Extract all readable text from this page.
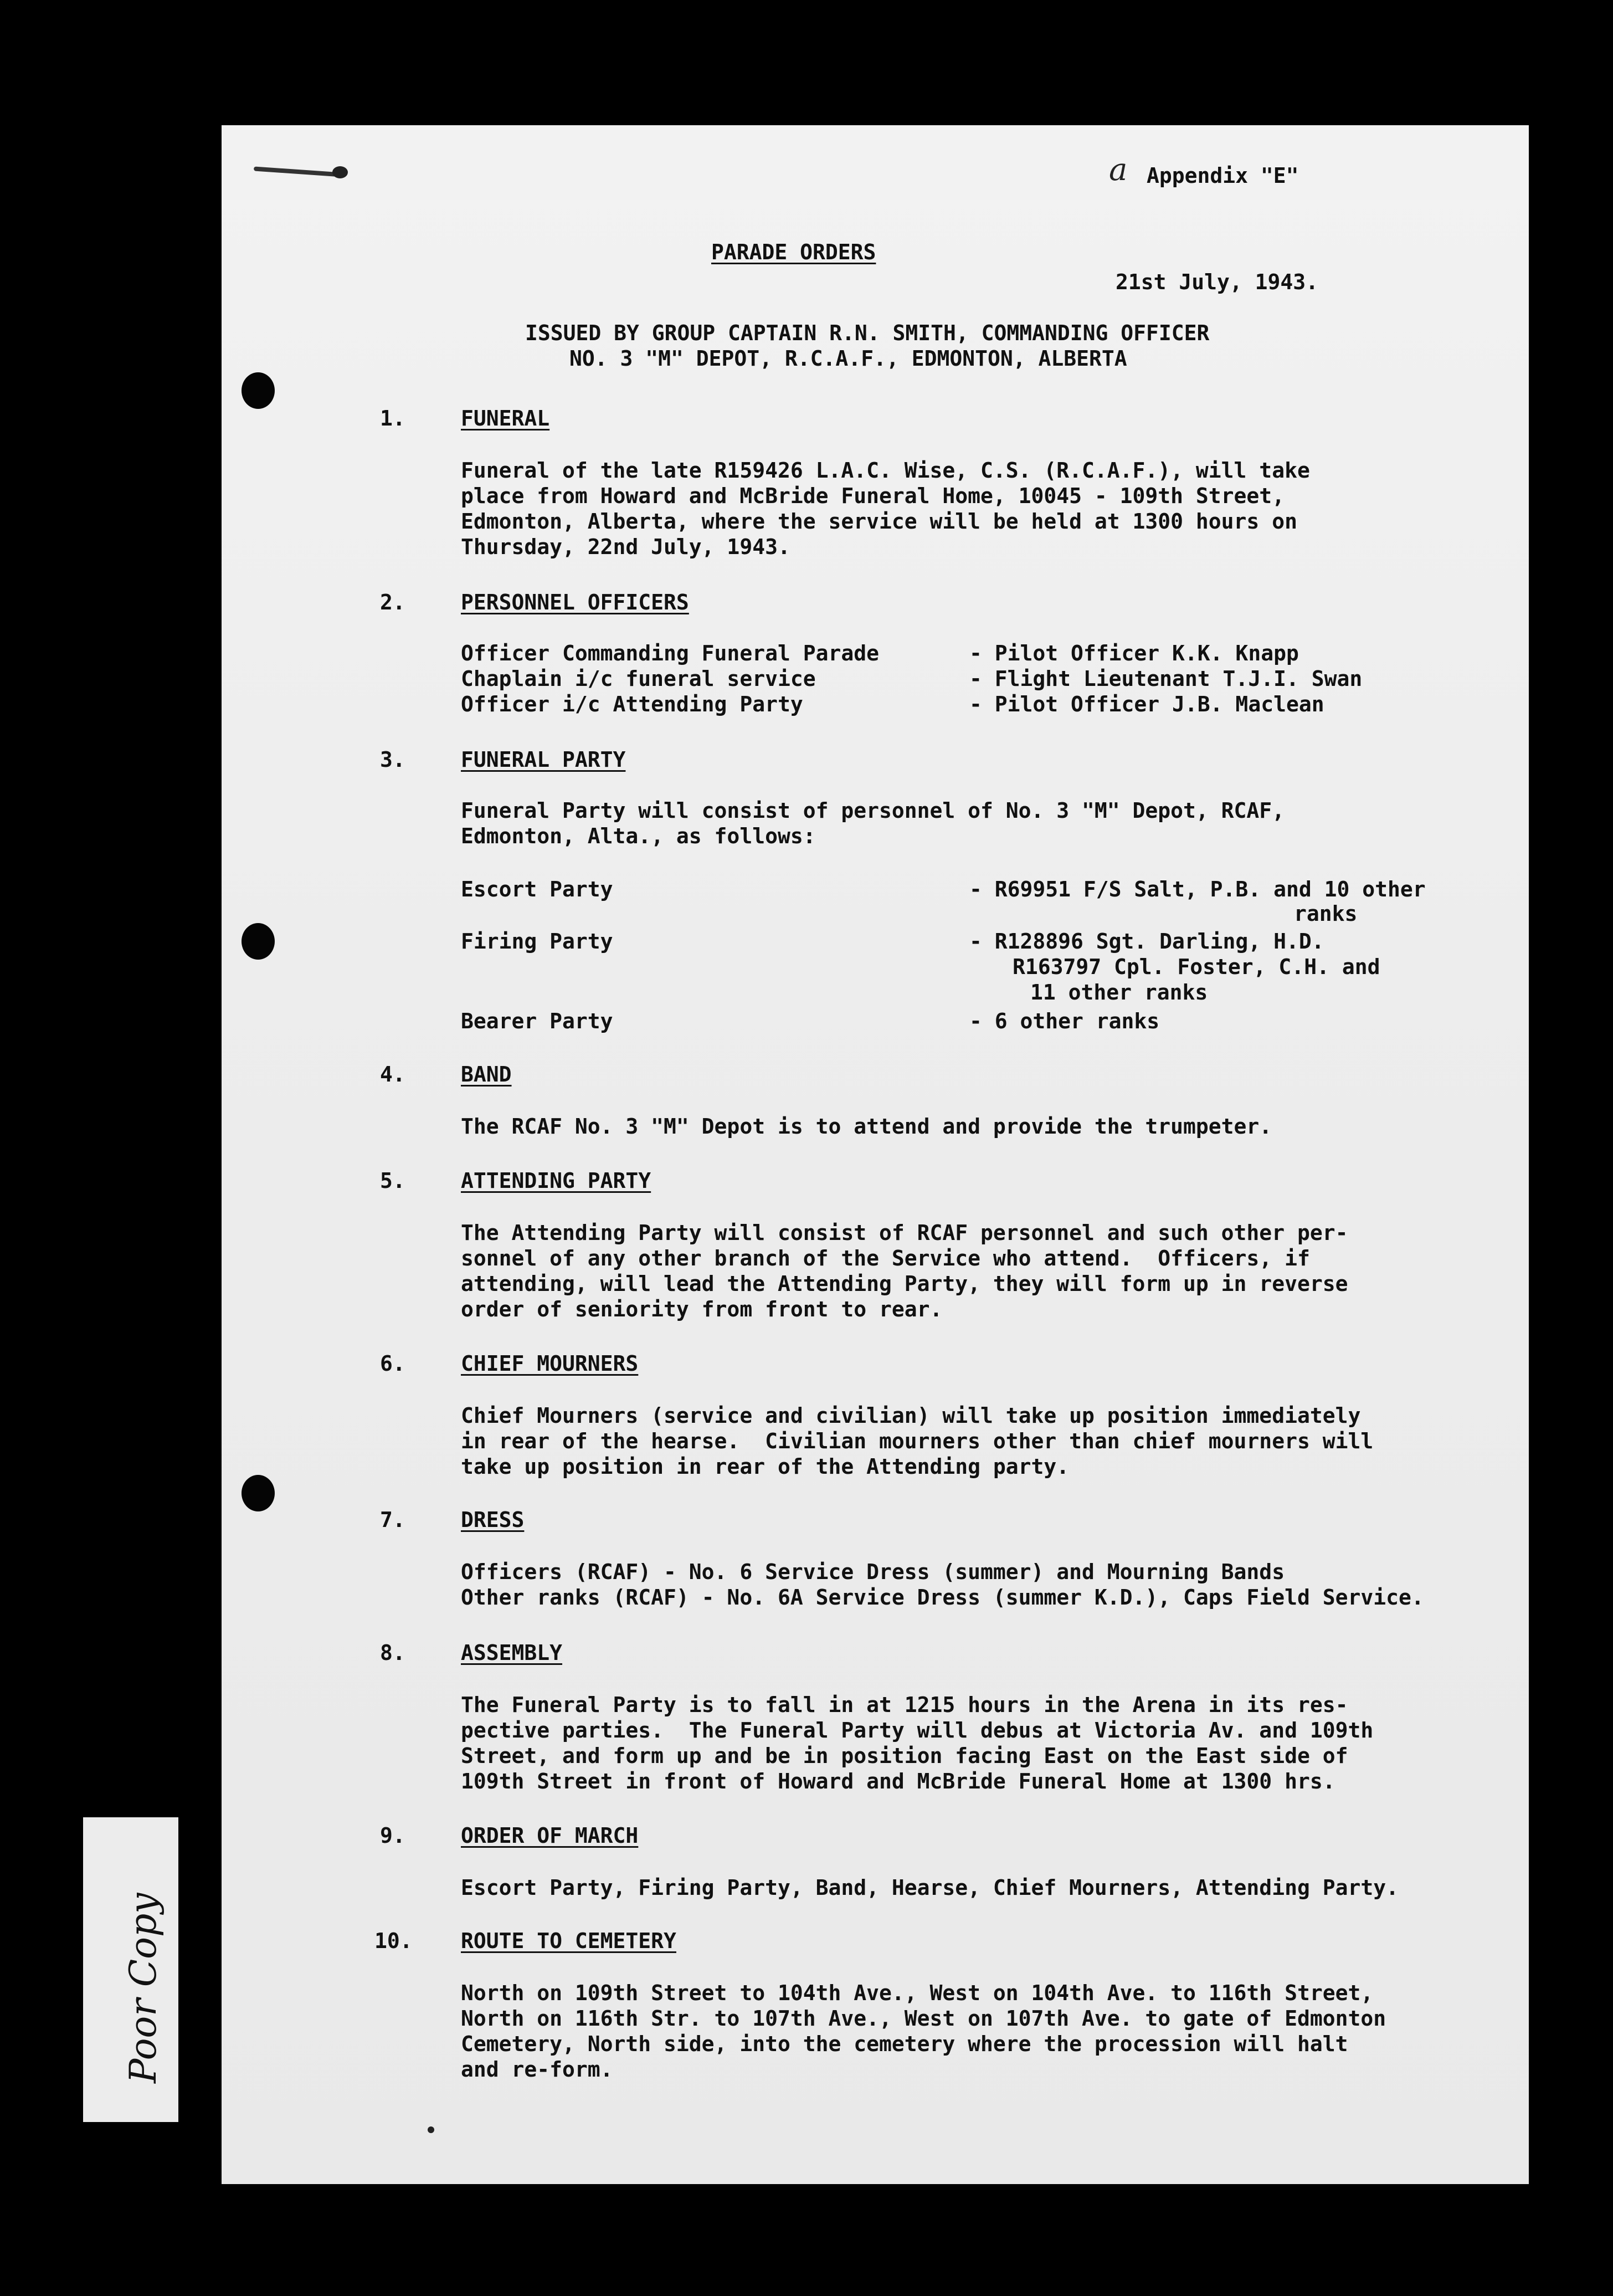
a Appendix "E"
PARADE ORDERS
21st July, 1943.
ISSUED BY GROUP CAPTAIN R.N. SMITH, COMMANDING OFFICER
NO. 3 "M" DEPOT, R.C.A.F., EDMONTON, ALBERTA
1.	FUNERAL
Funeral of the late R159426 L.A.C. Wise, C.S. (R.C.A.F.), will take
place from Howard and McBride Funeral Home, 10045 - 109th Street,
Edmonton, Alberta, where the service will be held at 1300 hours on
Thursday, 22nd July, 1943.
2.	PERSONNEL OFFICERS
Officer Commanding Funeral Parade	- Pilot Officer K.K. Knapp
Chaplain i/c funeral service	- Flight Lieutenant T.J.I. Swan
Officer i/c Attending Party	- Pilot Officer J.B. Maclean
3.	FUNERAL PARTY
Funeral Party will consist of personnel of No. 3 "M" Depot, RCAF,
Edmonton, Alta., as follows:
Escort Party	- R69951 F/S Salt, P.B. and 10 other
ranks
Firing Party	- R128896 Sgt. Darling, H.D.
R163797 Cpl. Foster, C.H. and
11 other ranks
Bearer Party	- 6 other ranks
4.	BAND
The RCAF No. 3 "M" Depot is to attend and provide the trumpeter.
5.	ATTENDING PARTY
The Attending Party will consist of RCAF personnel and such other per-
sonnel of any other branch of the Service who attend.  Officers, if
attending, will lead the Attending Party, they will form up in reverse
order of seniority from front to rear.
6.	CHIEF MOURNERS
Chief Mourners (service and civilian) will take up position immediately
in rear of the hearse.  Civilian mourners other than chief mourners will
take up position in rear of the Attending party.
7.	DRESS
Officers (RCAF) - No. 6 Service Dress (summer) and Mourning Bands
Other ranks (RCAF) - No. 6A Service Dress (summer K.D.), Caps Field Service.
8.	ASSEMBLY
The Funeral Party is to fall in at 1215 hours in the Arena in its res-
pective parties.  The Funeral Party will debus at Victoria Av. and 109th
Street, and form up and be in position facing East on the East side of
109th Street in front of Howard and McBride Funeral Home at 1300 hrs.
9.	ORDER OF MARCH
Escort Party, Firing Party, Band, Hearse, Chief Mourners, Attending Party.
10. ROUTE TO CEMETERY
North on 109th Street to 104th Ave., West on 104th Ave. to 116th Street,
North on 116th Str. to 107th Ave., West on 107th Ave. to gate of Edmonton
Cemetery, North side, into the cemetery where the procession will halt
and re-form.
Poor Copy
